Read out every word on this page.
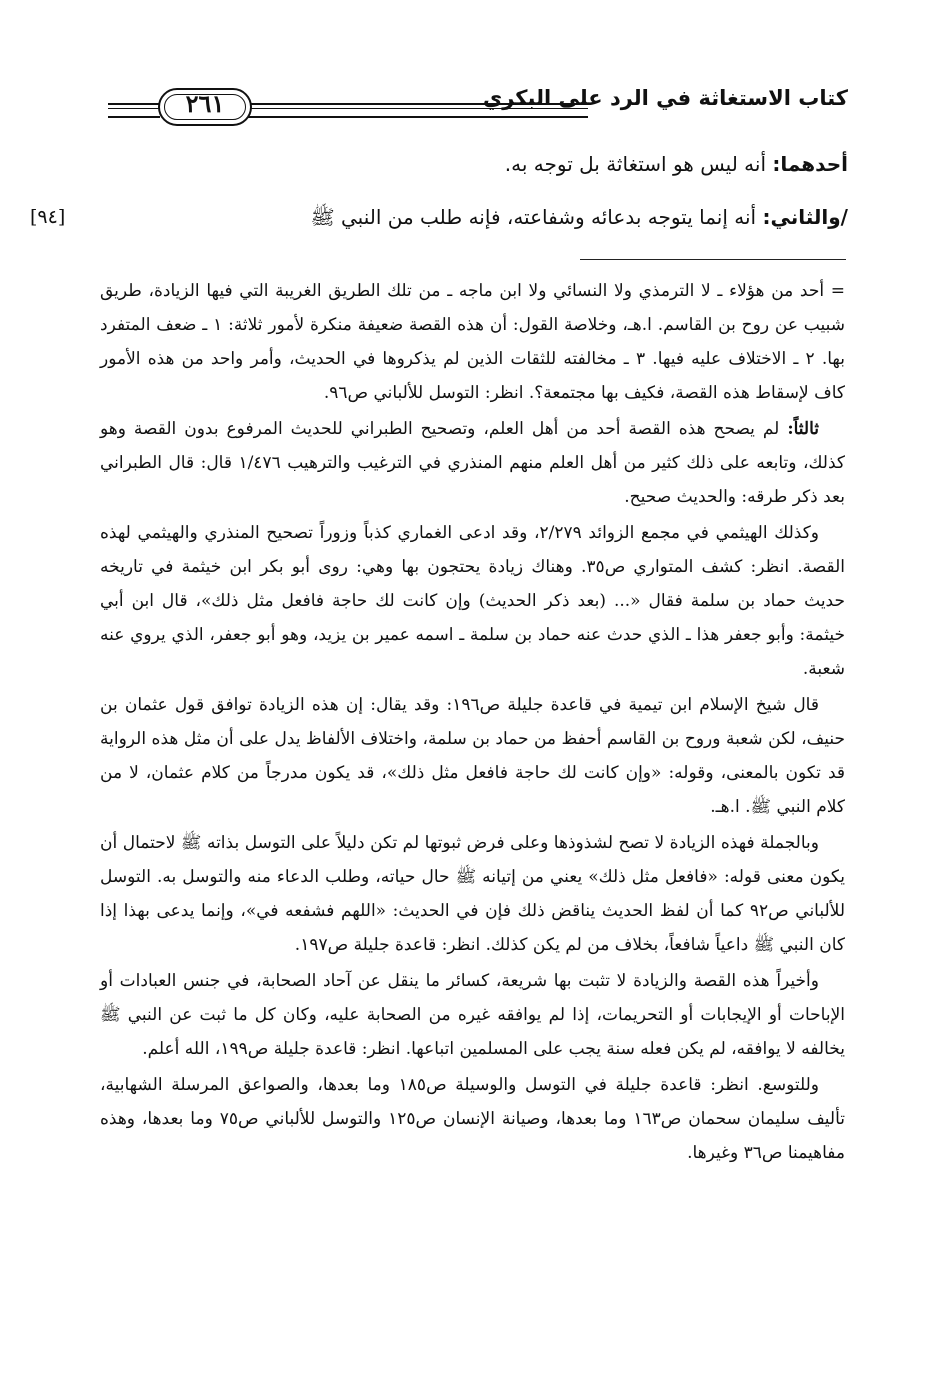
٢٦١	كتاب الاستغاثة في الرد على البكري
أحدهما: أنه ليس هو استغاثة بل توجه به.
/والثاني: أنه إنما يتوجه بدعائه وشفاعته، فإنه طلب من النبي ﷺ
[٩٤]

= أحد من هؤلاء ـ لا الترمذي ولا النسائي ولا ابن ماجه ـ من تلك الطريق الغريبة التي فيها الزيادة، طريق شبيب عن روح بن القاسم. ا.هـ، وخلاصة القول: أن هذه القصة ضعيفة منكرة لأمور ثلاثة: ١ ـ ضعف المتفرد بها. ٢ ـ الاختلاف عليه فيها. ٣ ـ مخالفته للثقات الذين لم يذكروها في الحديث، وأمر واحد من هذه الأمور كاف لإسقاط هذه القصة، فكيف بها مجتمعة؟. انظر: التوسل للألباني ص٩٦.

ثالثاً: لم يصحح هذه القصة أحد من أهل العلم، وتصحيح الطبراني للحديث المرفوع بدون القصة وهو كذلك، وتابعه على ذلك كثير من أهل العلم منهم المنذري في الترغيب والترهيب ١/٤٧٦ قال: قال الطبراني بعد ذكر طرقه: والحديث صحيح.

وكذلك الهيثمي في مجمع الزوائد ٢/٢٧٩، وقد ادعى الغماري كذباً وزوراً تصحيح المنذري والهيثمي لهذه القصة. انظر: كشف المتواري ص٣٥. وهناك زيادة يحتجون بها وهي: روى أبو بكر ابن خيثمة في تاريخه حديث حماد بن سلمة فقال «... (بعد ذكر الحديث) وإن كانت لك حاجة فافعل مثل ذلك»، قال ابن أبي خيثمة: وأبو جعفر هذا ـ الذي حدث عنه حماد بن سلمة ـ اسمه عمير بن يزيد، وهو أبو جعفر، الذي يروي عنه شعبة.

قال شيخ الإسلام ابن تيمية في قاعدة جليلة ص١٩٦: وقد يقال: إن هذه الزيادة توافق قول عثمان بن حنيف، لكن شعبة وروح بن القاسم أحفظ من حماد بن سلمة، واختلاف الألفاظ يدل على أن مثل هذه الرواية قد تكون بالمعنى، وقوله: «وإن كانت لك حاجة فافعل مثل ذلك»، قد يكون مدرجاً من كلام عثمان، لا من كلام النبي ﷺ. ا.هـ.

وبالجملة فهذه الزيادة لا تصح لشذوذها وعلى فرض ثبوتها لم تكن دليلاً على التوسل بذاته ﷺ لاحتمال أن يكون معنى قوله: «فافعل مثل ذلك» يعني من إتيانه ﷺ حال حياته، وطلب الدعاء منه والتوسل به. التوسل للألباني ص٩٢ كما أن لفظ الحديث يناقض ذلك فإن في الحديث: «اللهم فشفعه في»، وإنما يدعى بهذا إذا كان النبي ﷺ داعياً شافعاً، بخلاف من لم يكن كذلك. انظر: قاعدة جليلة ص١٩٧.

وأخيراً هذه القصة والزيادة لا تثبت بها شريعة، كسائر ما ينقل عن آحاد الصحابة، في جنس العبادات أو الإباحات أو الإيجابات أو التحريمات، إذا لم يوافقه غيره من الصحابة عليه، وكان كل ما ثبت عن النبي ﷺ يخالفه لا يوافقه، لم يكن فعله سنة يجب على المسلمين اتباعها. انظر: قاعدة جليلة ص١٩٩، الله أعلم.

وللتوسع. انظر: قاعدة جليلة في التوسل والوسيلة ص١٨٥ وما بعدها، والصواعق المرسلة الشهابية، تأليف سليمان سحمان ص١٦٣ وما بعدها، وصيانة الإنسان ص١٢٥ والتوسل للألباني ص٧٥ وما بعدها، وهذه مفاهيمنا ص٣٦ وغيرها.
